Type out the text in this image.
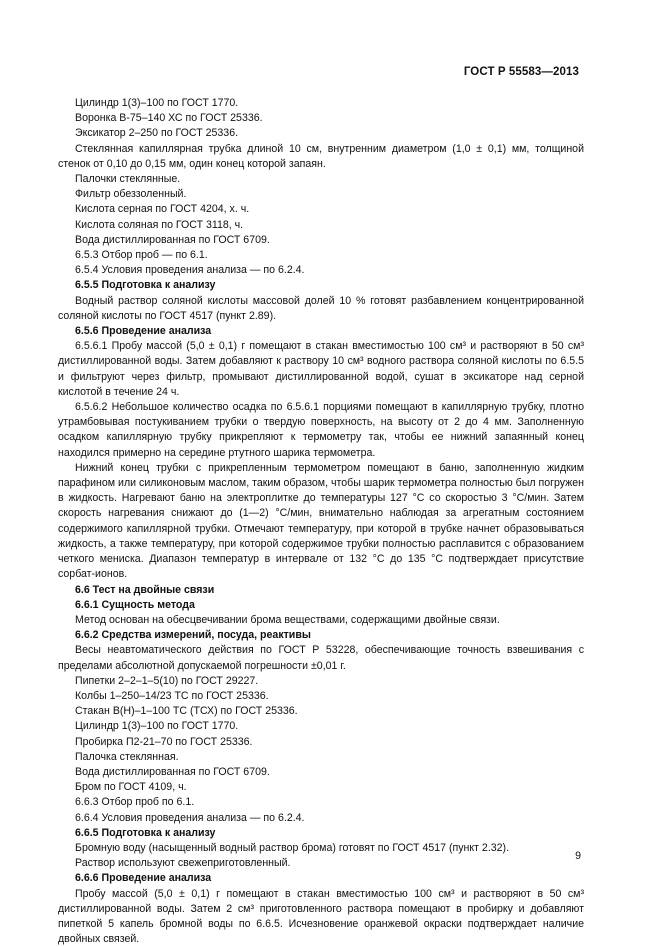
ГОСТ Р 55583—2013

Цилиндр 1(3)–100 по ГОСТ 1770.

Воронка В-75–140 ХС по ГОСТ 25336.

Эксикатор 2–250 по ГОСТ 25336.

Стеклянная капиллярная трубка длиной 10 см, внутренним диаметром (1,0 ± 0,1) мм, толщиной стенок от 0,10 до 0,15 мм, один конец которой запаян.

Палочки стеклянные.

Фильтр обеззоленный.

Кислота серная по ГОСТ 4204, х. ч.

Кислота соляная по ГОСТ 3118, ч.

Вода дистиллированная по ГОСТ 6709.

6.5.3 Отбор проб — по 6.1.

6.5.4 Условия проведения анализа — по 6.2.4.

6.5.5 Подготовка к анализу

Водный раствор соляной кислоты массовой долей 10 % готовят разбавлением концентрированной соляной кислоты по ГОСТ 4517 (пункт 2.89).

6.5.6 Проведение анализа

6.5.6.1 Пробу массой (5,0 ± 0,1) г помещают в стакан вместимостью 100 см³ и растворяют в 50 см³ дистиллированной воды. Затем добавляют к раствору 10 см³ водного раствора соляной кислоты по 6.5.5 и фильтруют через фильтр, промывают дистиллированной водой, сушат в эксикаторе над серной кислотой в течение 24 ч.

6.5.6.2 Небольшое количество осадка по 6.5.6.1 порциями помещают в капиллярную трубку, плотно утрамбовывая постукиванием трубки о твердую поверхность, на высоту от 2 до 4 мм. Заполненную осадком капиллярную трубку прикрепляют к термометру так, чтобы ее нижний запаянный конец находился примерно на середине ртутного шарика термометра.

Нижний конец трубки с прикрепленным термометром помещают в баню, заполненную жидким парафином или силиконовым маслом, таким образом, чтобы шарик термометра полностью был погружен в жидкость. Нагревают баню на электроплитке до температуры 127 °С со скоростью 3 °С/мин. Затем скорость нагревания снижают до (1—2) °С/мин, внимательно наблюдая за агрегатным состоянием содержимого капиллярной трубки. Отмечают температуру, при которой в трубке начнет образовываться жидкость, а также температуру, при которой содержимое трубки полностью расплавится с образованием четкого мениска. Диапазон температур в интервале от 132 °С до 135 °С подтверждает присутствие сорбат-ионов.

6.6 Тест на двойные связи

6.6.1 Сущность метода

Метод основан на обесцвечивании брома веществами, содержащими двойные связи.

6.6.2 Средства измерений, посуда, реактивы

Весы неавтоматического действия по ГОСТ Р 53228, обеспечивающие точность взвешивания с пределами абсолютной допускаемой погрешности ±0,01 г.

Пипетки 2–2–1–5(10) по ГОСТ 29227.

Колбы 1–250–14/23 ТС по ГОСТ 25336.

Стакан В(Н)–1–100 ТС (ТСХ) по ГОСТ 25336.

Цилиндр 1(3)–100 по ГОСТ 1770.

Пробирка П2-21–70 по ГОСТ 25336.

Палочка стеклянная.

Вода дистиллированная по ГОСТ 6709.

Бром по ГОСТ 4109, ч.

6.6.3 Отбор проб по 6.1.

6.6.4 Условия проведения анализа — по 6.2.4.

6.6.5 Подготовка к анализу

Бромную воду (насыщенный водный раствор брома) готовят по ГОСТ 4517 (пункт 2.32).

Раствор используют свежеприготовленный.

6.6.6 Проведение анализа

Пробу массой (5,0 ± 0,1) г помещают в стакан вместимостью 100 см³ и растворяют в 50 см³ дистиллированной воды. Затем 2 см³ приготовленного раствора помещают в пробирку и добавляют пипеткой 5 капель бромной воды по 6.6.5. Исчезновение оранжевой окраски подтверждает наличие двойных связей.

9
